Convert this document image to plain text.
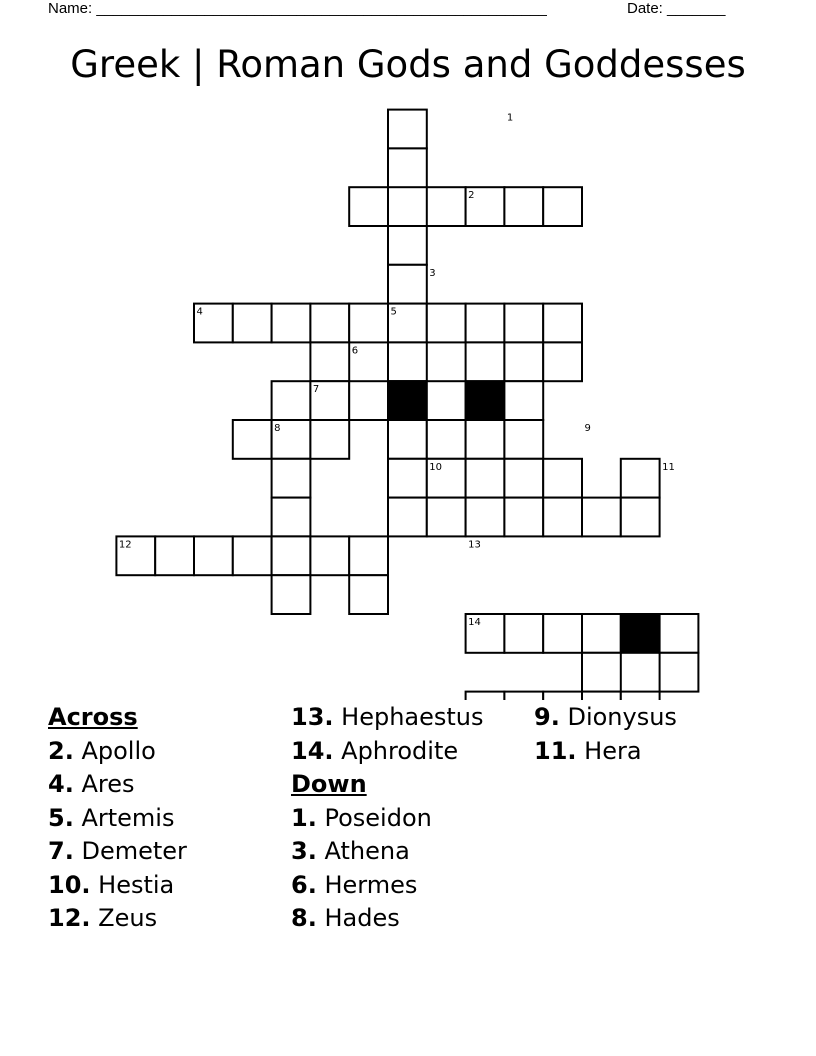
Name: ______________________________________________________	Date: _______
Greek | Roman Gods and Goddesses
1
2
3
4	5
6
7
8	9
10	11
12	13
14
Across
2. Apollo
4. Ares
5. Artemis
7. Demeter
10. Hestia
12. Zeus
13. Hephaestus
14. Aphrodite
Down
1. Poseidon
3. Athena
6. Hermes
8. Hades
9. Dionysus
11. Hera
